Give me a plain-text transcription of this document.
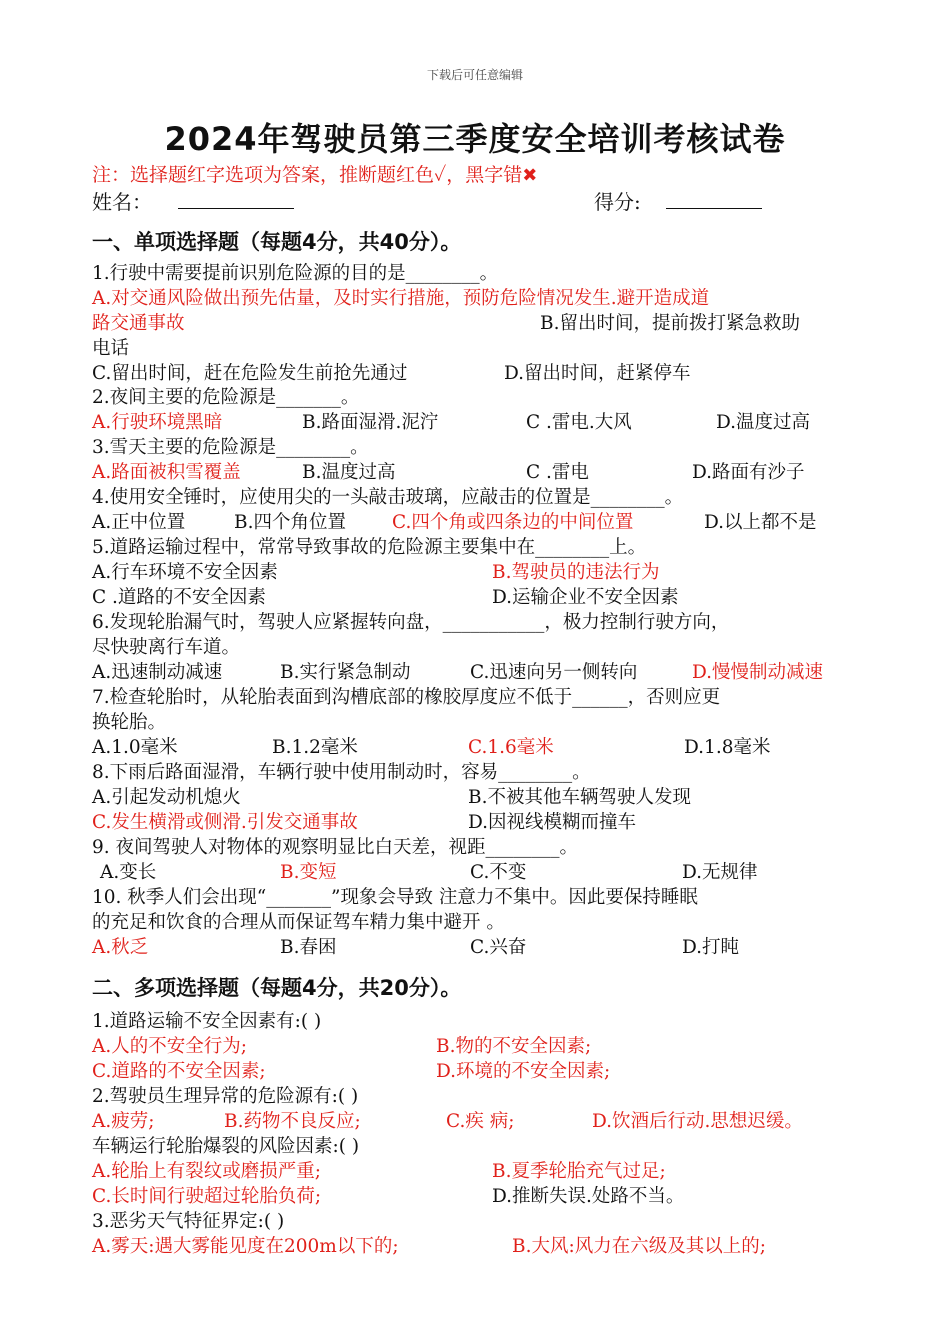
下载后可任意编辑
2024年驾驶员第三季度安全培训考核试卷
注：选择题红字选项为答案，推断题红色✓，黑字错✖
姓名：	得分:
一、单项选择题（每题4分，共40分）。
1.行驶中需要提前识别危险源的目的是________。
A.对交通风险做出预先估量，及时实行措施，预防危险情况发生.避开造成道
路交通事故	B.留出时间，提前拨打紧急救助
电话
C.留出时间，赶在危险发生前抢先通过	D.留出时间，赶紧停车
2.夜间主要的危险源是_______。
A.行驶环境黑暗	B.路面湿滑.泥泞	C .雷电.大风	D.温度过高
3.雪天主要的危险源是________。
A.路面被积雪覆盖	B.温度过高	C .雷电	D.路面有沙子
4.使用安全锤时，应使用尖的一头敲击玻璃，应敲击的位置是________。
A.正中位置	B.四个角位置 C.四个角或四条边的中间位置	D.以上都不是
5.道路运输过程中，常常导致事故的危险源主要集中在________上。
A.行车环境不安全因素	B.驾驶员的违法行为
C .道路的不安全因素	D.运输企业不安全因素
6.发现轮胎漏气时，驾驶人应紧握转向盘，___________，极力控制行驶方向，
尽快驶离行车道。
A.迅速制动减速	B.实行紧急制动	C.迅速向另一侧转向	D.慢慢制动减速
7.检查轮胎时，从轮胎表面到沟槽底部的橡胶厚度应不低于______，否则应更
换轮胎。
A.1.0毫米	B.1.2毫米	C.1.6毫米	D.1.8毫米
8.下雨后路面湿滑，车辆行驶中使用制动时，容易________。
A.引起发动机熄火	B.不被其他车辆驾驶人发现
C.发生横滑或侧滑.引发交通事故	D.因视线模糊而撞车
9. 夜间驾驶人对物体的观察明显比白天差，视距________。
A.变长	B.变短	C.不变	D.无规律
10. 秋季人们会出现“_______”现象会导致 注意力不集中。因此要保持睡眠
的充足和饮食的合理从而保证驾车精力集中避开 。
A.秋乏	B.春困	C.兴奋	D.打盹
二、多项选择题（每题4分，共20分）。
1.道路运输不安全因素有:( )
A.人的不安全行为;	B.物的不安全因素;
C.道路的不安全因素;	D.环境的不安全因素;
2.驾驶员生理异常的危险源有:( )
A.疲劳;	B.药物不良反应;	C.疾 病;	D.饮酒后行动.思想迟缓。
车辆运行轮胎爆裂的风险因素:( )
A.轮胎上有裂纹或磨损严重;	B.夏季轮胎充气过足;
C.长时间行驶超过轮胎负荷;	D.推断失误.处路不当。
3.恶劣天气特征界定:( )
A.雾天:遇大雾能见度在200m以下的;	B.大风:风力在六级及其以上的;
